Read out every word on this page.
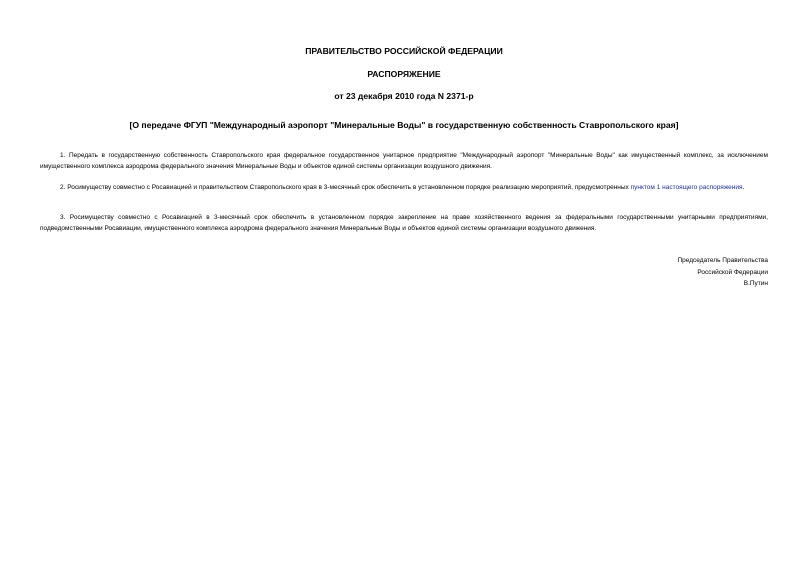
ПРАВИТЕЛЬСТВО РОССИЙСКОЙ ФЕДЕРАЦИИ
РАСПОРЯЖЕНИЕ
от 23 декабря 2010 года N 2371-р
[О передаче ФГУП "Международный аэропорт "Минеральные Воды" в государственную собственность Ставропольского края]
1. Передать в государственную собственность Ставропольского края федеральное государственное унитарное предприятие "Международный аэропорт "Минеральные Воды" как имущественный комплекс, за исключением имущественного комплекса аэродрома федерального значения Минеральные Воды и объектов единой системы организации воздушного движения.
2. Росимуществу совместно с Росавиацией и правительством Ставропольского края в 3-месячный срок обеспечить в установленном порядке реализацию мероприятий, предусмотренных пунктом 1 настоящего распоряжения.
3. Росимуществу совместно с Росавиацией в 3-месячный срок обеспечить в установленном порядке закрепление на праве хозяйственного ведения за федеральными государственными унитарными предприятиями, подведомственными Росавиации, имущественного комплекса аэродрома федерального значения Минеральные Воды и объектов единой системы организации воздушного движения.
Председатель Правительства
Российской Федерации
В.Путин
